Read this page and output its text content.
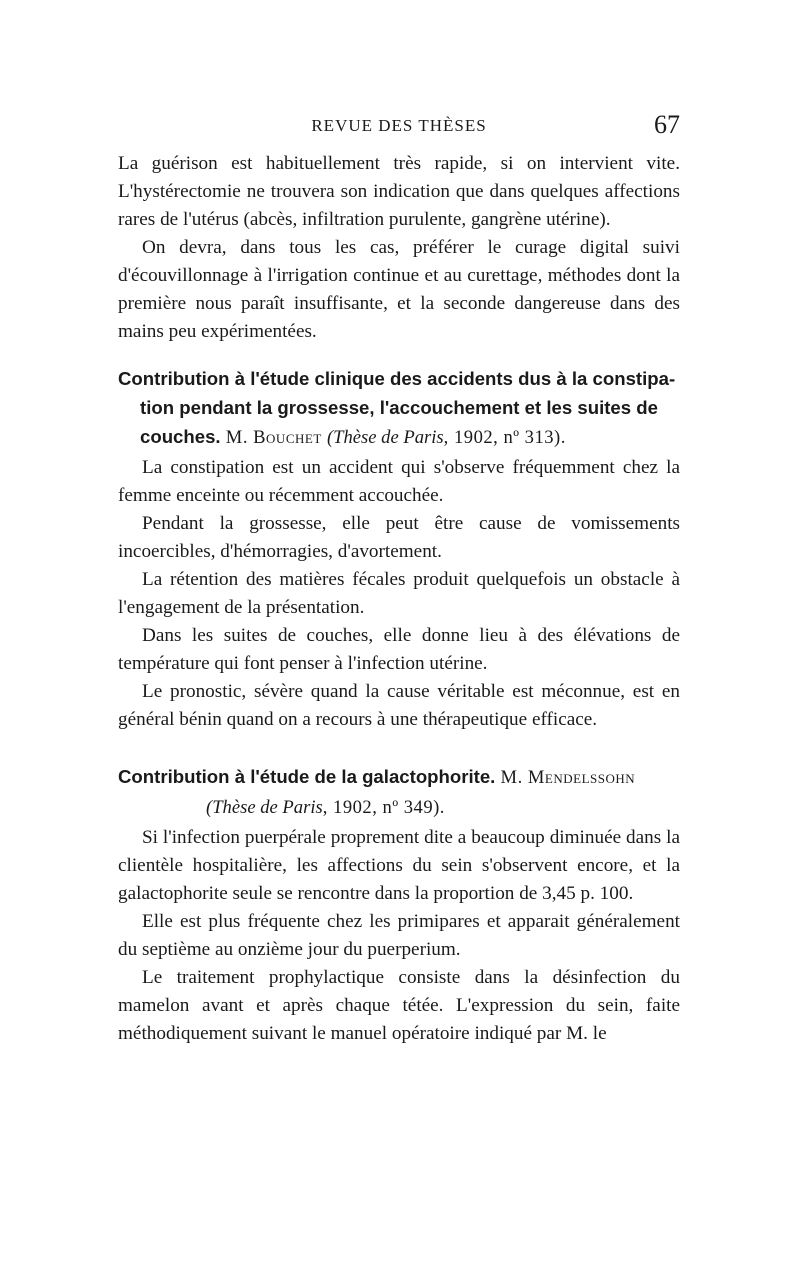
REVUE DES THÈSES	67

La guérison est habituellement très rapide, si on intervient vite. L'hystérectomie ne trouvera son indication que dans quelques affections rares de l'utérus (abcès, infiltration purulente, gangrène utérine).

On devra, dans tous les cas, préférer le curage digital suivi d'écouvillonnage à l'irrigation continue et au curettage, méthodes dont la première nous paraît insuffisante, et la seconde dangereuse dans des mains peu expérimentées.

Contribution à l'étude clinique des accidents dus à la constipa-
tion pendant la grossesse, l'accouchement et les suites de
couches. M. Bouchet (Thèse de Paris, 1902, nº 313).

La constipation est un accident qui s'observe fréquemment chez la femme enceinte ou récemment accouchée.

Pendant la grossesse, elle peut être cause de vomissements incoercibles, d'hémorragies, d'avortement.

La rétention des matières fécales produit quelquefois un obstacle à l'engagement de la présentation.

Dans les suites de couches, elle donne lieu à des élévations de température qui font penser à l'infection utérine.

Le pronostic, sévère quand la cause véritable est méconnue, est en général bénin quand on a recours à une thérapeutique efficace.

Contribution à l'étude de la galactophorite. M. Mendelssohn
(Thèse de Paris, 1902, nº 349).

Si l'infection puerpérale proprement dite a beaucoup diminuée dans la clientèle hospitalière, les affections du sein s'observent encore, et la galactophorite seule se rencontre dans la proportion de 3,45 p. 100.

Elle est plus fréquente chez les primipares et apparait généralement du septième au onzième jour du puerperium.

Le traitement prophylactique consiste dans la désinfection du mamelon avant et après chaque tétée. L'expression du sein, faite méthodiquement suivant le manuel opératoire indiqué par M. le
